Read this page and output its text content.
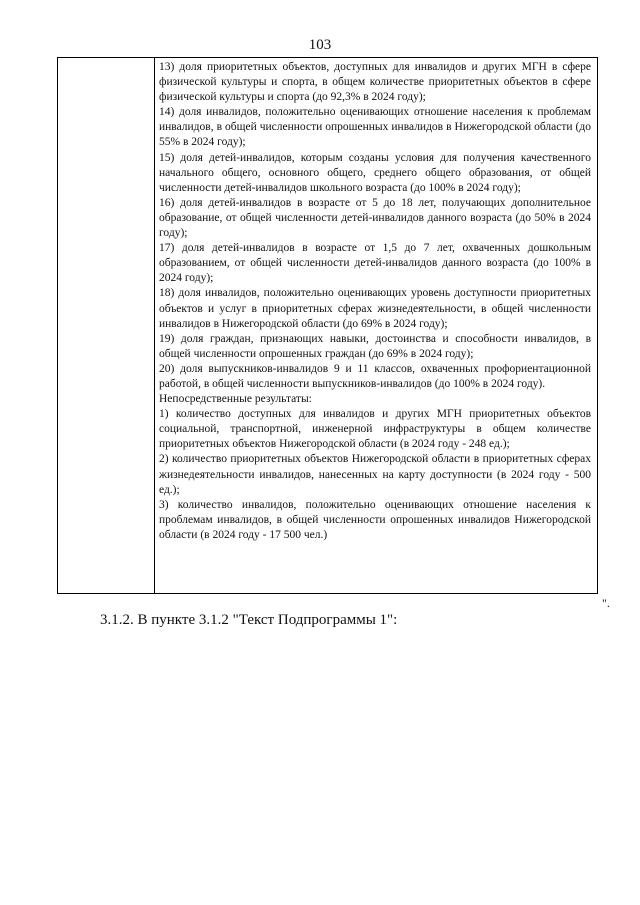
103

13) доля приоритетных объектов, доступных для инвалидов и других МГН в сфере физической культуры и спорта, в общем количестве приоритетных объектов в сфере физической культуры и спорта (до 92,3% в 2024 году);

14) доля инвалидов, положительно оценивающих отношение населения к проблемам инвалидов, в общей численности опрошенных инвалидов в Нижегородской области (до 55% в 2024 году);

15) доля детей-инвалидов, которым созданы условия для получения качественного начального общего, основного общего, среднего общего образования, от общей численности детей-инвалидов школьного возраста (до 100% в 2024 году);

16) доля детей-инвалидов в возрасте от 5 до 18 лет, получающих дополнительное образование, от общей численности детей-инвалидов данного возраста (до 50% в 2024 году);

17) доля детей-инвалидов в возрасте от 1,5 до 7 лет, охваченных дошкольным образованием, от общей численности детей-инвалидов данного возраста (до 100% в 2024 году);

18) доля инвалидов, положительно оценивающих уровень доступности приоритетных объектов и услуг в приоритетных сферах жизнедеятельности, в общей численности инвалидов в Нижегородской области (до 69% в 2024 году);

19) доля граждан, признающих навыки, достоинства и способности инвалидов, в общей численности опрошенных граждан (до 69% в 2024 году);

20) доля выпускников-инвалидов 9 и 11 классов, охваченных профориентационной работой, в общей численности выпускников-инвалидов (до 100% в 2024 году).

Непосредственные результаты:

1) количество доступных для инвалидов и других МГН приоритетных объектов социальной, транспортной, инженерной инфраструктуры в общем количестве приоритетных объектов Нижегородской области (в 2024 году - 248 ед.);

2) количество приоритетных объектов Нижегородской области в приоритетных сферах жизнедеятельности инвалидов, нанесенных на карту доступности (в 2024 году - 500 ед.);

3) количество инвалидов, положительно оценивающих отношение населения к проблемам инвалидов, в общей численности опрошенных инвалидов Нижегородской области (в 2024 году - 17 500 чел.)

".
3.1.2. В пункте 3.1.2 "Текст Подпрограммы 1":
